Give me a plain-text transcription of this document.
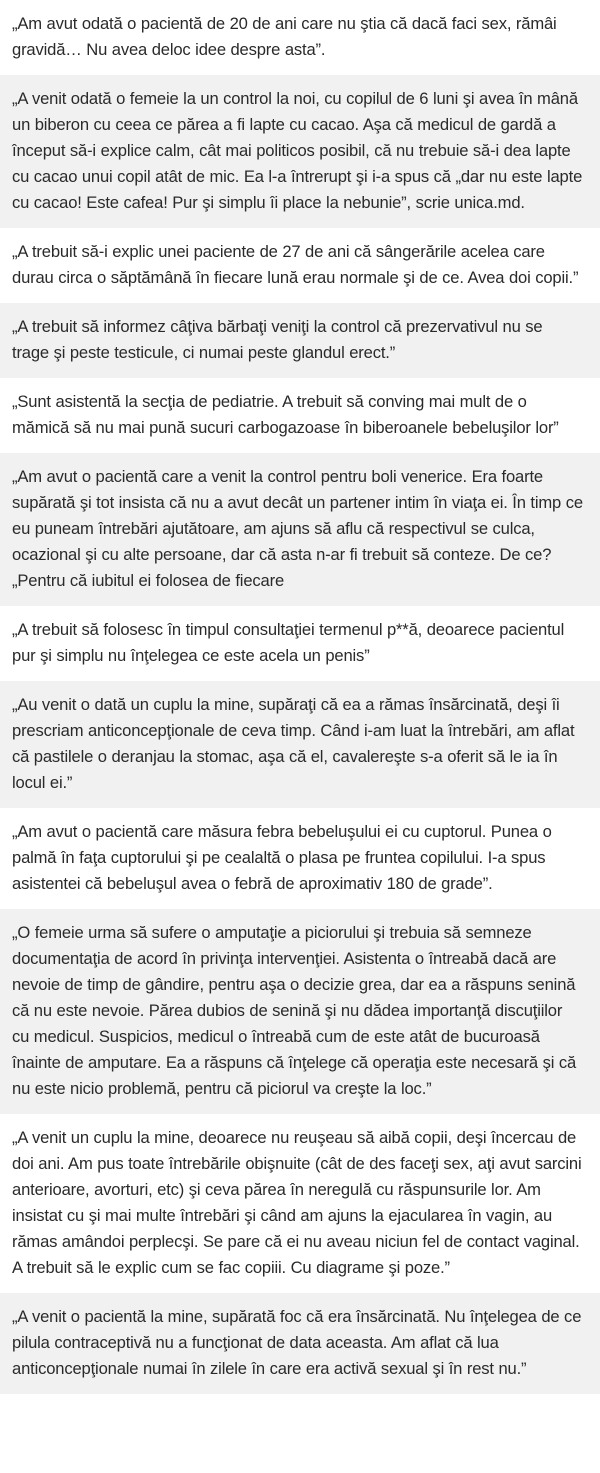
„Am avut odată o pacientă de 20 de ani care nu ştia că dacă faci sex, rămâi gravidă… Nu avea deloc idee despre asta”.

„A venit odată o femeie la un control la noi, cu copilul de 6 luni şi avea în mână un biberon cu ceea ce părea a fi lapte cu cacao. Aşa că medicul de gardă a început să-i explice calm, cât mai politicos posibil, că nu trebuie să-i dea lapte cu cacao unui copil atât de mic. Ea l-a întrerupt şi i-a spus că „dar nu este lapte cu cacao! Este cafea! Pur şi simplu îi place la nebunie”, scrie unica.md.

„A trebuit să-i explic unei paciente de 27 de ani că sângerările acelea care durau circa o săptămână în fiecare lună erau normale şi de ce. Avea doi copii.”

„A trebuit să informez câţiva bărbaţi veniţi la control că prezervativul nu se trage şi peste testicule, ci numai peste glandul erect.”

„Sunt asistentă la secţia de pediatrie. A trebuit să conving mai mult de o mămică să nu mai pună sucuri carbogazoase în biberoanele bebeluşilor lor”

„Am avut o pacientă care a venit la control pentru boli venerice. Era foarte supărată şi tot insista că nu a avut decât un partener intim în viaţa ei. În timp ce eu puneam întrebări ajutătoare, am ajuns să aflu că respectivul se culca, ocazional şi cu alte persoane, dar că asta n-ar fi trebuit să conteze. De ce?„Pentru că iubitul ei folosea de fiecare

„A trebuit să folosesc în timpul consultaţiei termenul p**ă, deoarece pacientul pur şi simplu nu înţelegea ce este acela un penis”

„Au venit o dată un cuplu la mine, supăraţi că ea a rămas însărcinată, deşi îi prescriam anticoncepţionale de ceva timp. Când i-am luat la întrebări, am aflat că pastilele o deranjau la stomac, aşa că el, cavalereşte s-a oferit să le ia în locul ei.”

„Am avut o pacientă care măsura febra bebeluşului ei cu cuptorul. Punea o palmă în faţa cuptorului şi pe cealaltă o plasa pe fruntea copilului. I-a spus asistentei că bebeluşul avea o febră de aproximativ 180 de grade”.

„O femeie urma să sufere o amputaţie a piciorului şi trebuia să semneze documentaţia de acord în privinţa intervenţiei. Asistenta o întreabă dacă are nevoie de timp de gândire, pentru aşa o decizie grea, dar ea a răspuns senină că nu este nevoie. Părea dubios de senină şi nu dădea importanţă discuţiilor cu medicul. Suspicios, medicul o întreabă cum de este atât de bucuroasă înainte de amputare. Ea a răspuns că înţelege că operaţia este necesară şi că nu este nicio problemă, pentru că piciorul va creşte la loc.”

„A venit un cuplu la mine, deoarece nu reuşeau să aibă copii, deşi încercau de doi ani. Am pus toate întrebările obişnuite (cât de des faceţi sex, aţi avut sarcini anterioare, avorturi, etc) şi ceva părea în neregulă cu răspunsurile lor. Am insistat cu şi mai multe întrebări şi când am ajuns la ejacularea în vagin, au rămas amândoi perplecşi. Se pare că ei nu aveau niciun fel de contact vaginal. A trebuit să le explic cum se fac copiii. Cu diagrame şi poze.”

„A venit o pacientă la mine, supărată foc că era însărcinată. Nu înţelegea de ce pilula contraceptivă nu a funcţionat de data aceasta. Am aflat că lua anticoncepţionale numai în zilele în care era activă sexual şi în rest nu.”
